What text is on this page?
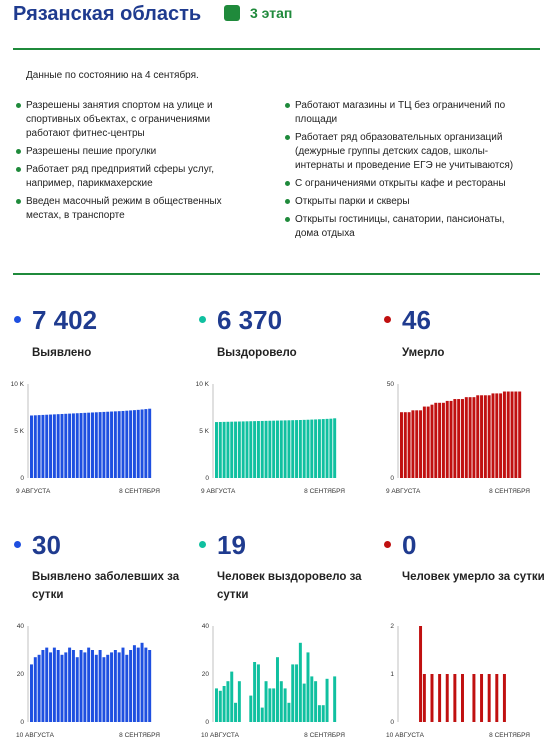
Рязанская область	3 этап
Данные по состоянию на 4 сентября.
Разрешены занятия спортом на улице и спортивных объектах, с ограничениями работают фитнес-центры
Разрешены пешие прогулки
Работает ряд предприятий сферы услуг, например, парикмахерские
Введен масочный режим в общественных местах, в транспорте
Работают магазины и ТЦ без ограничений по площади
Работает ряд образовательных организаций (дежурные группы детских садов, школы-интернаты и проведение ЕГЭ не учитываются)
С ограничениями открыты кафе и рестораны
Открыты парки и скверы
Открыты гостиницы, санатории, пансионаты, дома отдыха
7 402
Выявлено
0
5 K
10 K
9 АВГУСТА	8 СЕНТЯБРЯ
6 370
Выздоровело
0
5 K
10 K
9 АВГУСТА	8 СЕНТЯБРЯ
46
Умерло
0
50
9 АВГУСТА	8 СЕНТЯБРЯ
30
Выявлено заболевших за сутки
0
20
40
10 АВГУСТА	8 СЕНТЯБРЯ
19
Человек выздоровело за сутки
0
20
40
10 АВГУСТА	8 СЕНТЯБРЯ
0
Человек умерло за сутки
0
1
2
10 АВГУСТА	8 СЕНТЯБРЯ
